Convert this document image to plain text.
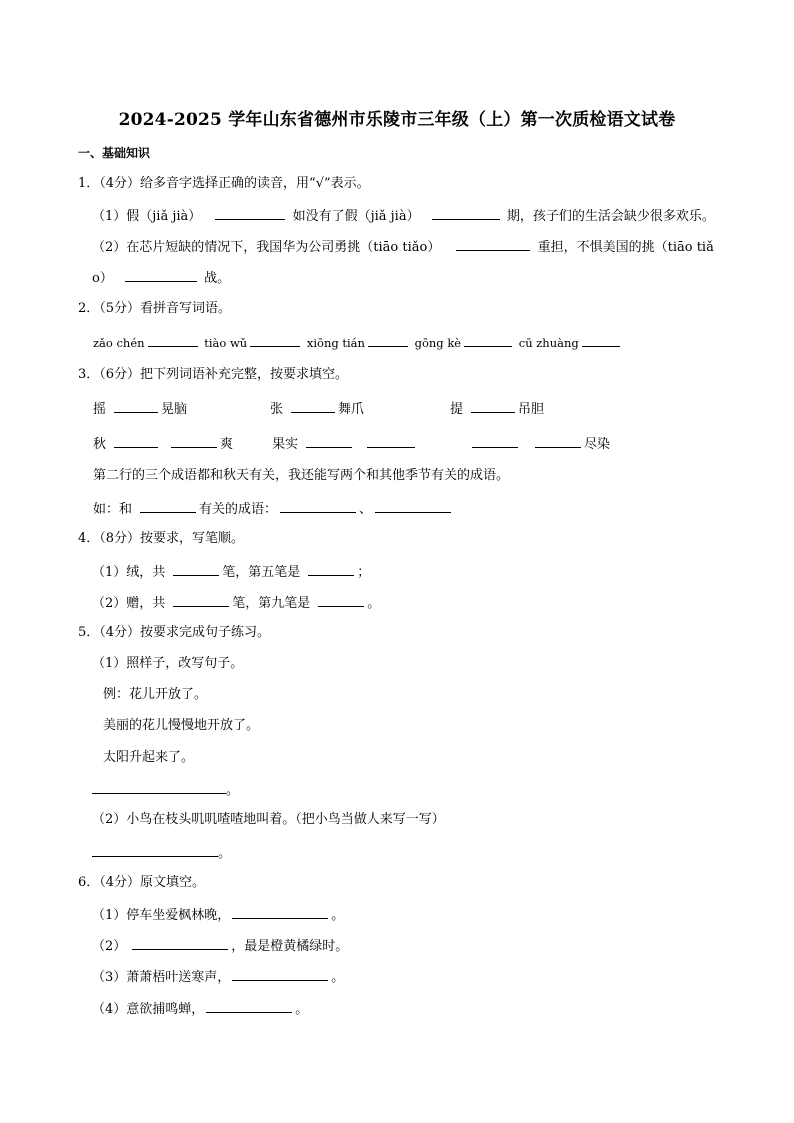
2024-2025 学年山东省德州市乐陵市三年级（上）第一次质检语文试卷
一、基础知识
1．（4分）给多音字选择正确的读音，用“√”表示。
（1）假（jiǎ jià）	如没有了假（jiǎ jià）	期，孩子们的生活会缺少很多欢乐。
（2）在芯片短缺的情况下，我国华为公司勇挑（tiāo tiǎo）	重担，不惧美国的挑（tiāo tiǎ
o）	战。
2．（5分）看拼音写词语。
zǎo chén	tiào wǔ	xiōng tián	gōng kè	cū zhuàng
3．（6分）把下列词语补充完整，按要求填空。
摇	晃脑	张	舞爪	提	吊胆
秋	爽	果实	尽染
第二行的三个成语都和秋天有关，我还能写两个和其他季节有关的成语。
如：和	有关的成语：	、
4．（8分）按要求，写笔顺。
（1）绒，共	笔，第五笔是	；
（2）赠，共	笔，第九笔是	。
5．（4分）按要求完成句子练习。
（1）照样子，改写句子。
例：花儿开放了。
美丽的花儿慢慢地开放了。
太阳升起来了。
。
（2）小鸟在枝头叽叽喳喳地叫着。（把小鸟当做人来写一写）
。
6．（4分）原文填空。
（1）停车坐爱枫林晚，	。
（2）	，最是橙黄橘绿时。
（3）萧萧梧叶送寒声，	。
（4）意欲捕鸣蝉，	。
